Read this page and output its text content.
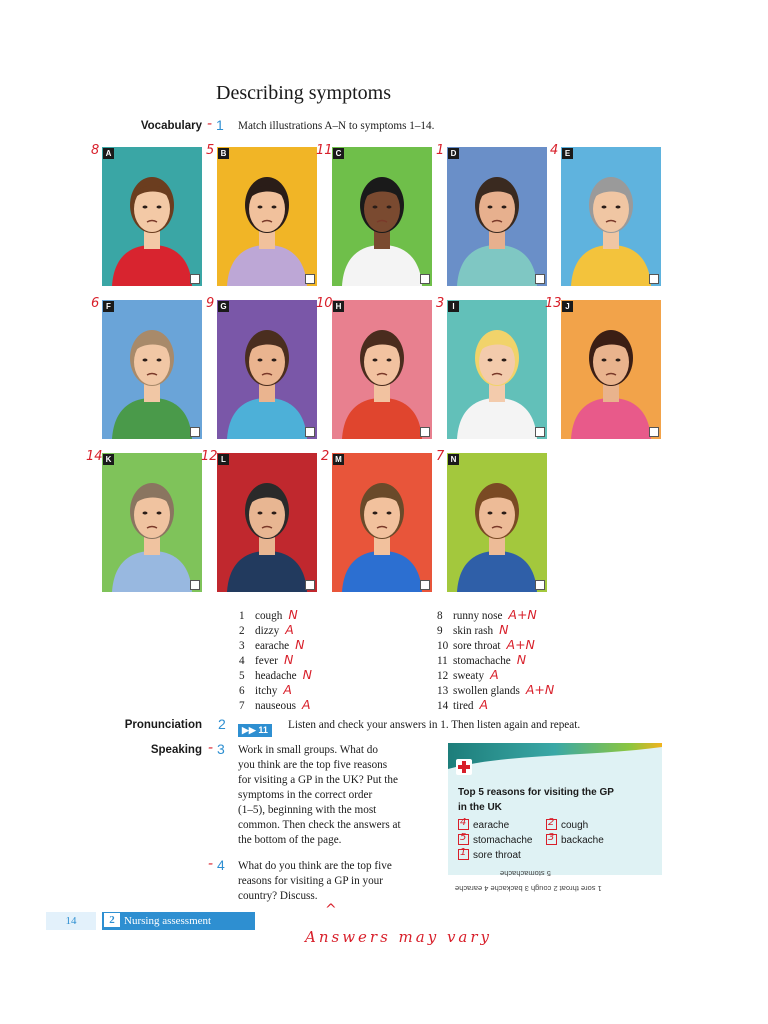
Describing symptoms
Vocabulary - 1 Match illustrations A–N to symptoms 1–14.
A
8	B
5	C
11	D
1	E
4
F
6	G
9	H
10	I
3	J
13
K
14	L
12	M
2	N
7
1 cough N
2 dizzy A
3 earache N
4 fever N
5 headache N
6 itchy A
7 nauseous A
8 runny nose A+N
9 skin rash N
10 sore throat A+N
11 stomachache N
12 sweaty A
13 swollen glands A+N
14 tired A
Pronunciation 2	▶▶ 11	Listen and check your answers in 1. Then listen again and repeat.
Speaking - 3 Work in small groups. What do
you think are the top five reasons
for visiting a GP in the UK? Put the
symptoms in the correct order
(1–5), beginning with the most
common. Then check the answers at
the bottom of the page.
- 4 What do you think are the top five
reasons for visiting a GP in your
country? Discuss.
Top 5 reasons for visiting the GP
in the UK
4 earache	2 cough
5 stomachache 3 backache
1 sore throat
5 stomachache
1 sore throat 2 cough 3 backache 4 earache
14	2 Nursing assessment
^
Answers may vary
